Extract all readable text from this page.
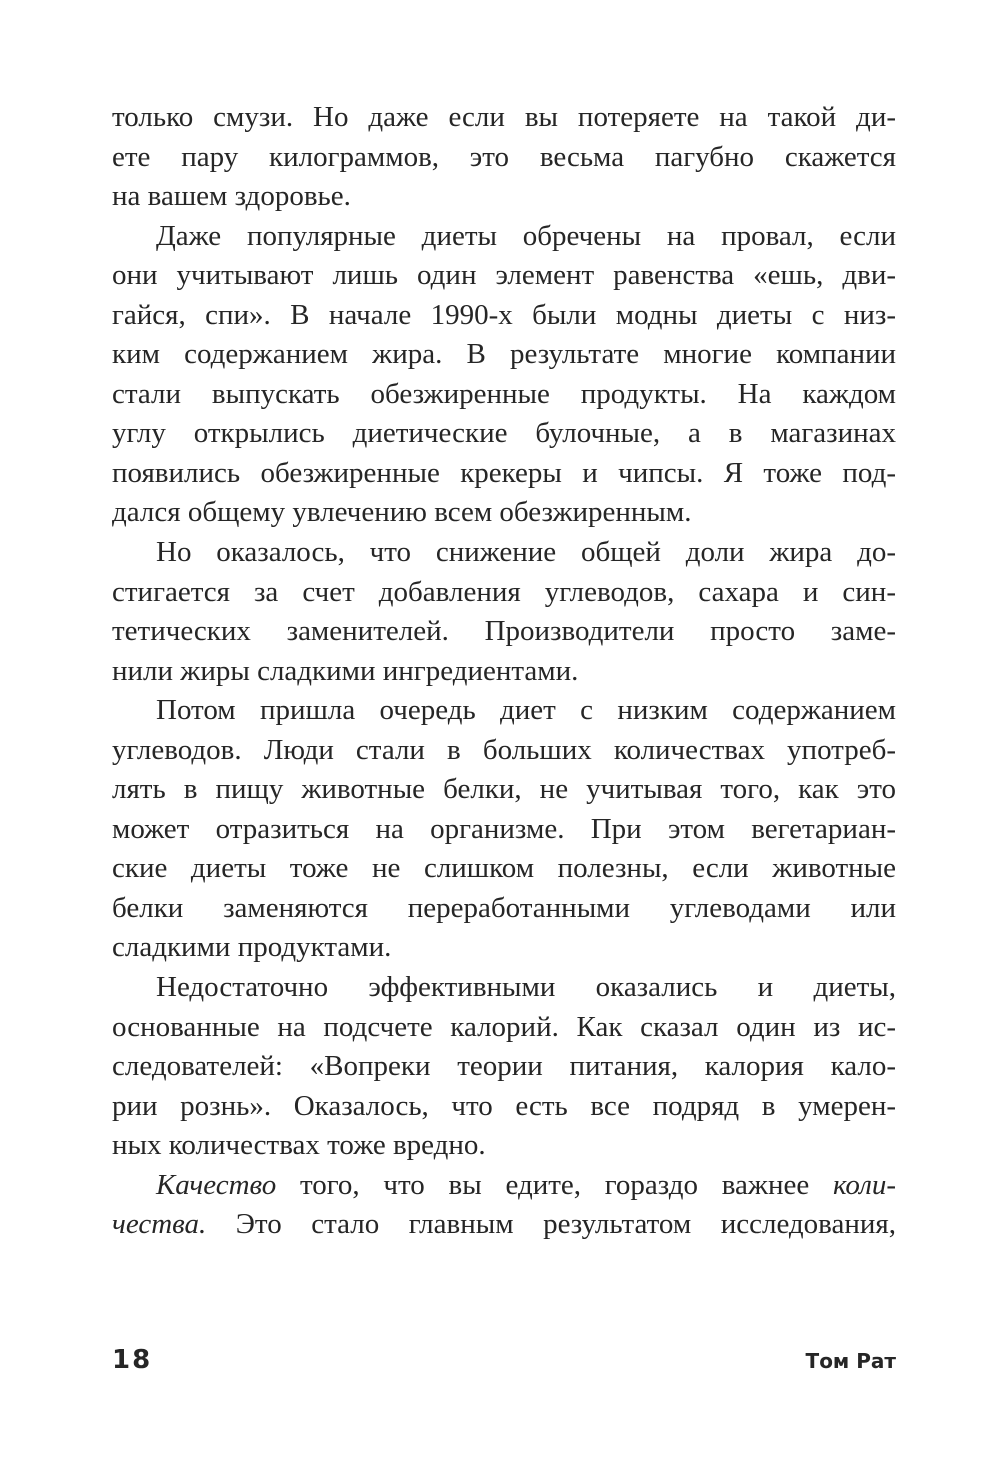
только смузи. Но даже если вы потеряете на такой ди-
ете пару килограммов, это весьма пагубно скажется
на вашем здоровье.
Даже популярные диеты обречены на провал, если
они учитывают лишь один элемент равенства «ешь, дви-
гайся, спи». В начале 1990-х были модны диеты с низ-
ким содержанием жира. В результате многие компании
стали выпускать обезжиренные продукты. На каждом
углу открылись диетические булочные, а в магазинах
появились обезжиренные крекеры и чипсы. Я тоже под-
дался общему увлечению всем обезжиренным.
Но оказалось, что снижение общей доли жира до-
стигается за счет добавления углеводов, сахара и син-
тетических заменителей. Производители просто заме-
нили жиры сладкими ингредиентами.
Потом пришла очередь диет с низким содержанием
углеводов. Люди стали в больших количествах употреб-
лять в пищу животные белки, не учитывая того, как это
может отразиться на организме. При этом вегетариан-
ские диеты тоже не слишком полезны, если животные
белки заменяются переработанными углеводами или
сладкими продуктами.
Недостаточно эффективными оказались и диеты,
основанные на подсчете калорий. Как сказал один из ис-
следователей: «Вопреки теории питания, калория кало-
рии рознь». Оказалось, что есть все подряд в умерен-
ных количествах тоже вредно.
Качество того, что вы едите, гораздо важнее коли-
чества. Это стало главным результатом исследования,
18	Том Рат
